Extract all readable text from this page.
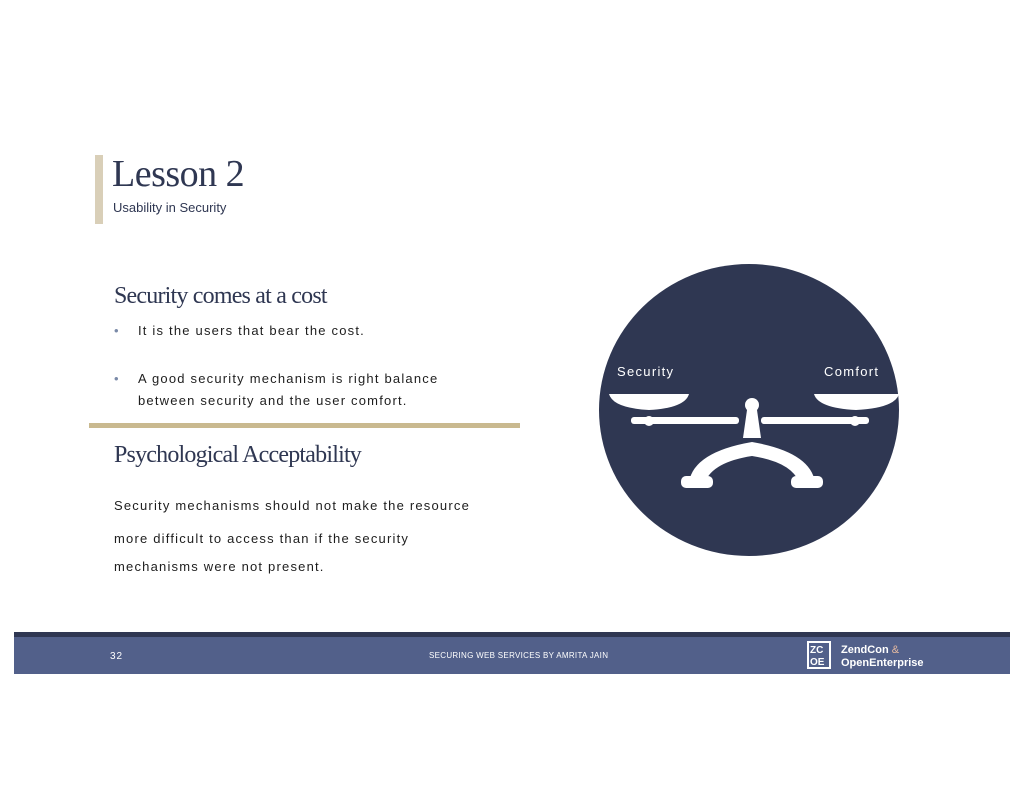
Lesson 2
Usability in Security
Security comes at a cost
• It is the users that bear the cost.
• A good security mechanism is right balance
between security and the user comfort.
Psychological Acceptability
Security mechanisms should not make the resource
more difficult to access than if the security
mechanisms were not present.
Security	Comfort
32	SECURING WEB SERVICES BY AMRITA JAIN	ZC
OE
ZendCon &
OpenEnterprise
